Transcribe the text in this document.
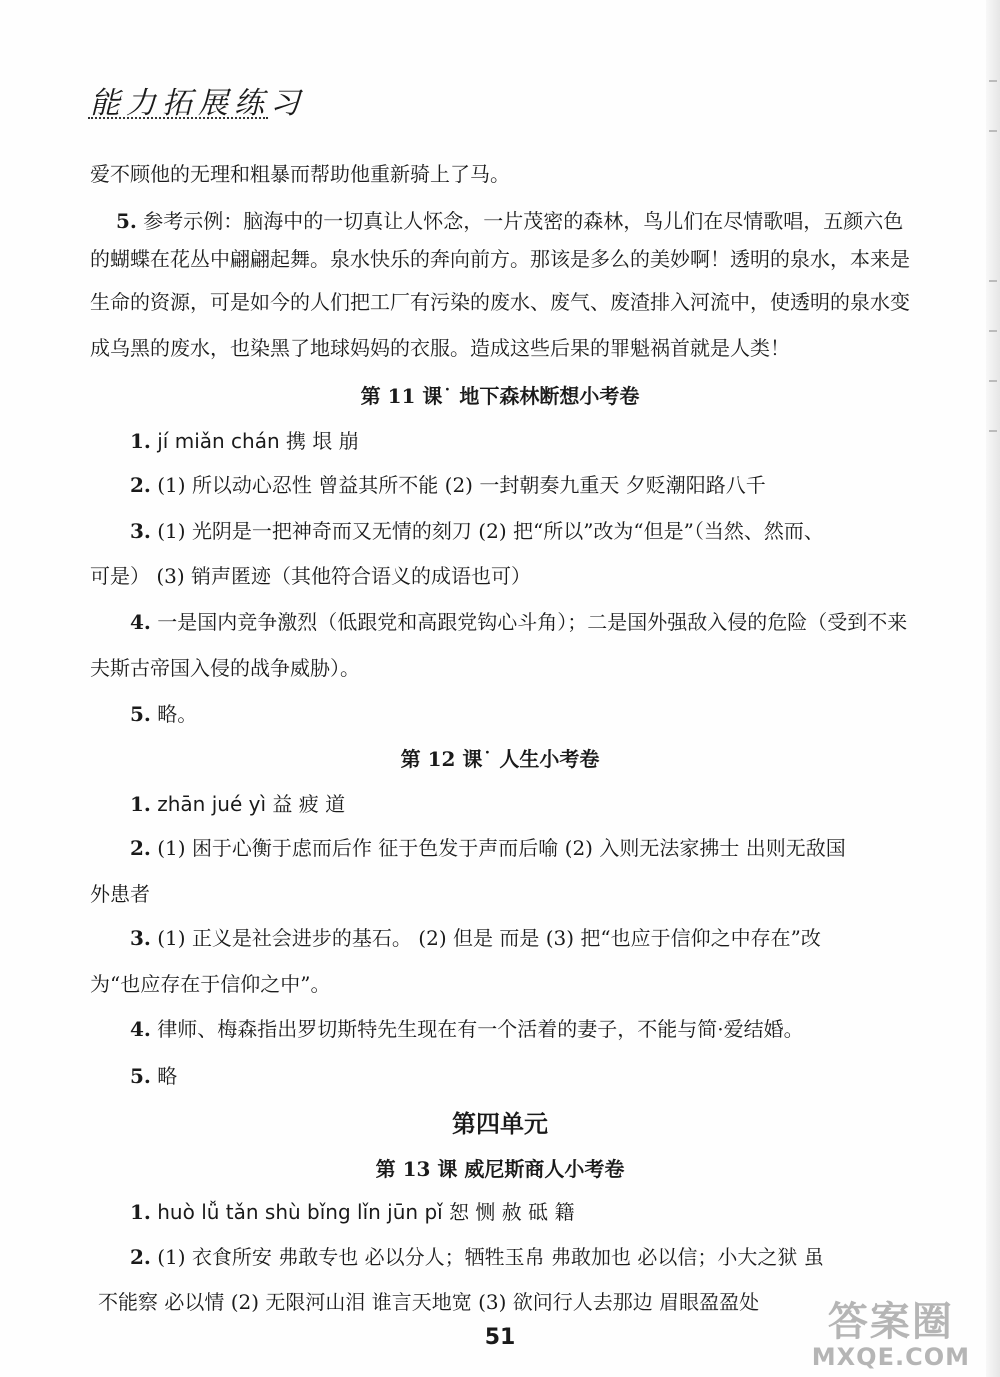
能力拓展练习
爱不顾他的无理和粗暴而帮助他重新骑上了马。
5. 参考示例：脑海中的一切真让人怀念，一片茂密的森林，鸟儿们在尽情歌唱，五颜六色
的蝴蝶在花丛中翩翩起舞。泉水快乐的奔向前方。那该是多么的美妙啊！透明的泉水，本来是
生命的资源，可是如今的人们把工厂有污染的废水、废气、废渣排入河流中，使透明的泉水变
成乌黑的废水，也染黑了地球妈妈的衣服。造成这些后果的罪魁祸首就是人类！
第 11 课˙ 地下森林断想小考卷
1. jí miǎn chán 携 垠 崩
2. (1) 所以动心忍性 曾益其所不能 (2) 一封朝奏九重天 夕贬潮阳路八千
3. (1) 光阴是一把神奇而又无情的刻刀 (2) 把“所以”改为“但是”（当然、然而、
可是） (3) 销声匿迹（其他符合语义的成语也可）
4. 一是国内竞争激烈（低跟党和高跟党钩心斗角）；二是国外强敌入侵的危险（受到不来
夫斯古帝国入侵的战争威胁）。
5. 略。
第 12 课˙ 人生小考卷
1. zhān jué yì 益 疲 道
2. (1) 困于心衡于虑而后作 征于色发于声而后喻 (2) 入则无法家拂士 出则无敌国
外患者
3. (1) 正义是社会进步的基石。 (2) 但是 而是 (3) 把“也应于信仰之中存在”改
为“也应存在于信仰之中”。
4. 律师、梅森指出罗切斯特先生现在有一个活着的妻子，不能与简·爱结婚。
5. 略
第四单元
第 13 课 威尼斯商人小考卷
1. huò lǚ tǎn shù bǐng lǐn jūn pǐ 恕 恻 赦 砥 籍
2. (1) 衣食所安 弗敢专也 必以分人；牺牲玉帛 弗敢加也 必以信；小大之狱 虽
不能察 必以情 (2) 无限河山泪 谁言天地宽 (3) 欲问行人去那边 眉眼盈盈处
51	答案圈
MXQE.COM
